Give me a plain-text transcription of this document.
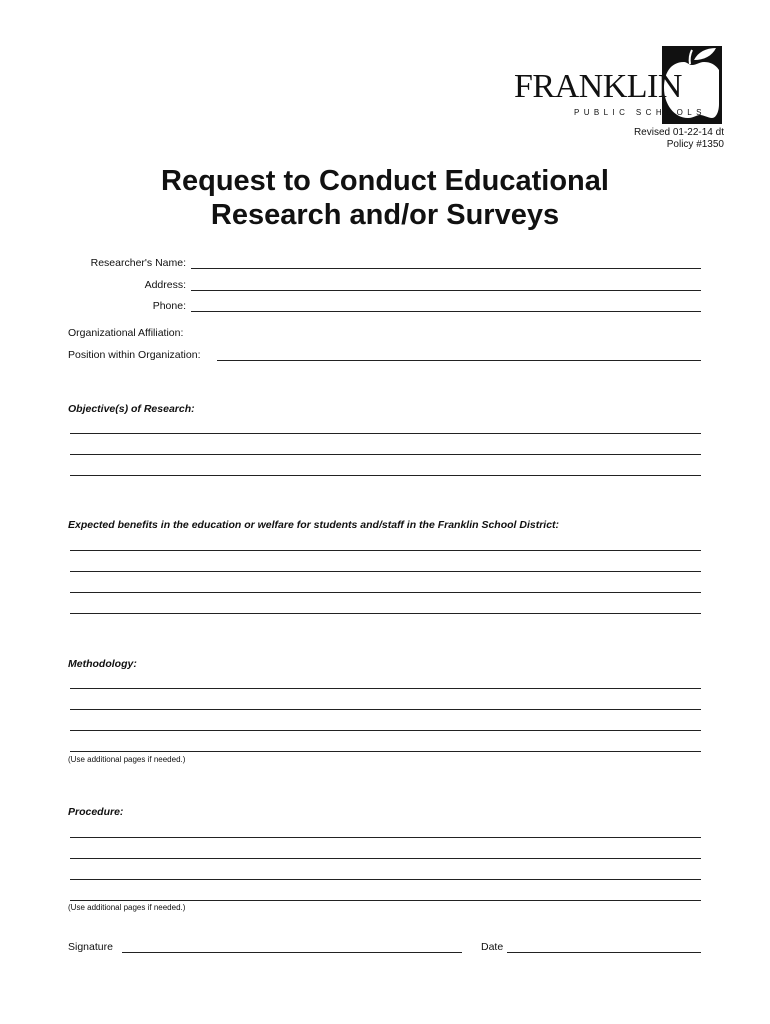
FRANKLIN
PUBLIC SCHOOLS
Revised 01-22-14 dt
Policy #1350
Request to Conduct Educational
Research and/or Surveys
Researcher's Name:
Address:
Phone:
Organizational Affiliation:
Position within Organization:
Objective(s) of Research:
Expected benefits in the education or welfare for students and/staff in the Franklin School District:
Methodology:
(Use additional pages if needed.)
Procedure:
(Use additional pages if needed.)
Signature	Date
